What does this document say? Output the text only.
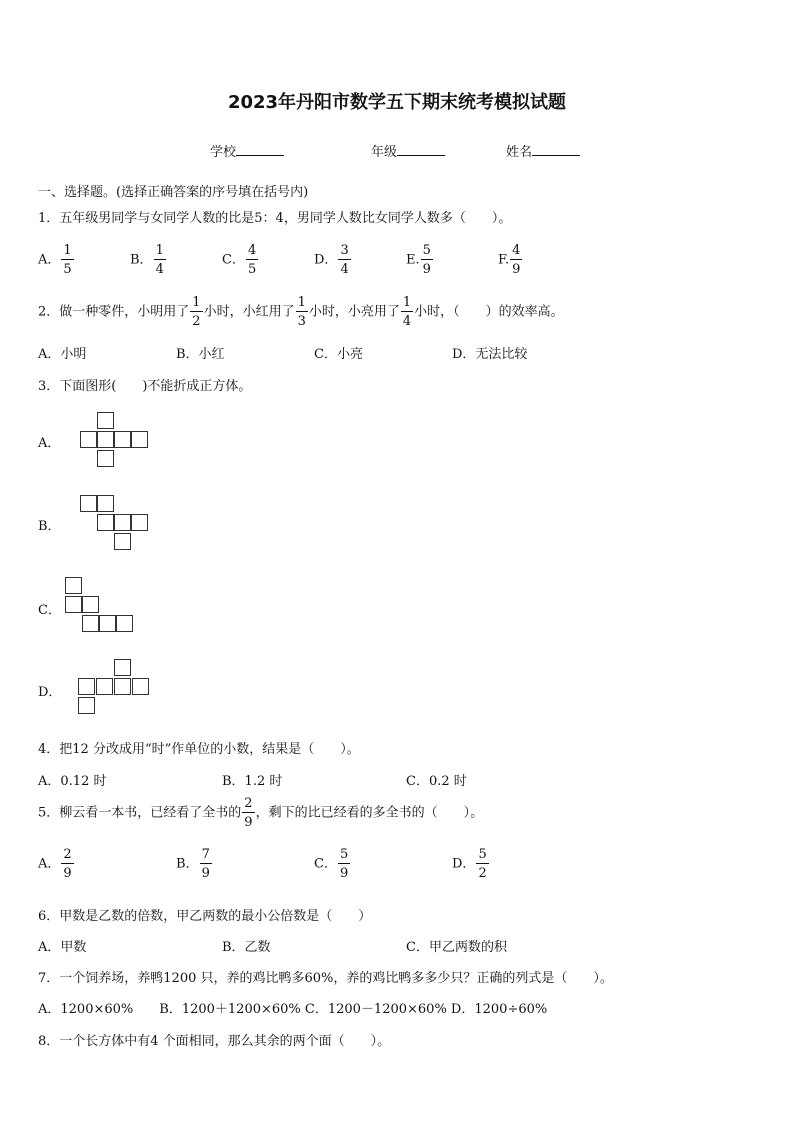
2023年丹阳市数学五下期末统考模拟试题
学校	年级	姓名
一、选择题。(选择正确答案的序号填在括号内)
1．五年级男同学与女同学人数的比是5：4，男同学人数比女同学人数多（　　）。
A． $\frac{1}{5}$	B． $\frac{1}{4}$	C． $\frac{4}{5}$	D． $\frac{3}{4}$	E. $\frac{5}{9}$	F. $\frac{4}{9}$
2．做一种零件，小明用了 $\frac{1}{2}$ 小时，小红用了 $\frac{1}{3}$ 小时，小亮用了 $\frac{1}{4}$ 小时，（　　）的效率高。
A．小明	B．小红	C．小亮	D．无法比较
3．下面图形(　　)不能折成正方体。
A．
B．
C．
D．
4．把12 分改成用“时”作单位的小数，结果是（　　）。
A．0.12 时	B．1.2 时	C．0.2 时
5．柳云看一本书，已经看了全书的 $\frac{2}{9}$ ，剩下的比已经看的多全书的（　　）。
A． $\frac{2}{9}$	B． $\frac{7}{9}$	C． $\frac{5}{9}$	D． $\frac{5}{2}$
6．甲数是乙数的倍数，甲乙两数的最小公倍数是（　　）
A．甲数	B．乙数	C．甲乙两数的积
7．一个饲养场，养鸭1200 只，养的鸡比鸭多60%，养的鸡比鸭多多少只？正确的列式是（　　）。
A．1200×60%　　B．1200＋1200×60% C．1200－1200×60% D．1200÷60%
8．一个长方体中有4 个面相同，那么其余的两个面（　　）。
